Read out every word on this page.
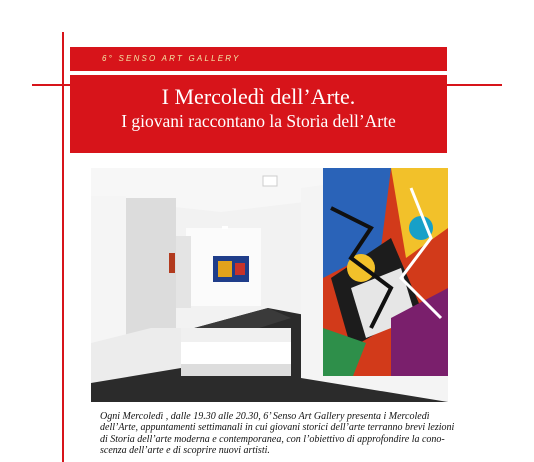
6° SENSO ART GALLERY
I Mercoledì dell’Arte.
I giovani raccontano la Storia dell’Arte
Ogni Mercoledì , dalle 19.30 alle 20.30, 6’ Senso Art Gallery presenta i Mercoledì
dell’Arte, appuntamenti settimanali in cui giovani storici dell’arte terranno brevi lezioni
di Storia dell’arte moderna e contemporanea, con l’obiettivo di approfondire la cono-
scenza dell’arte e di scoprire nuovi artisti.
